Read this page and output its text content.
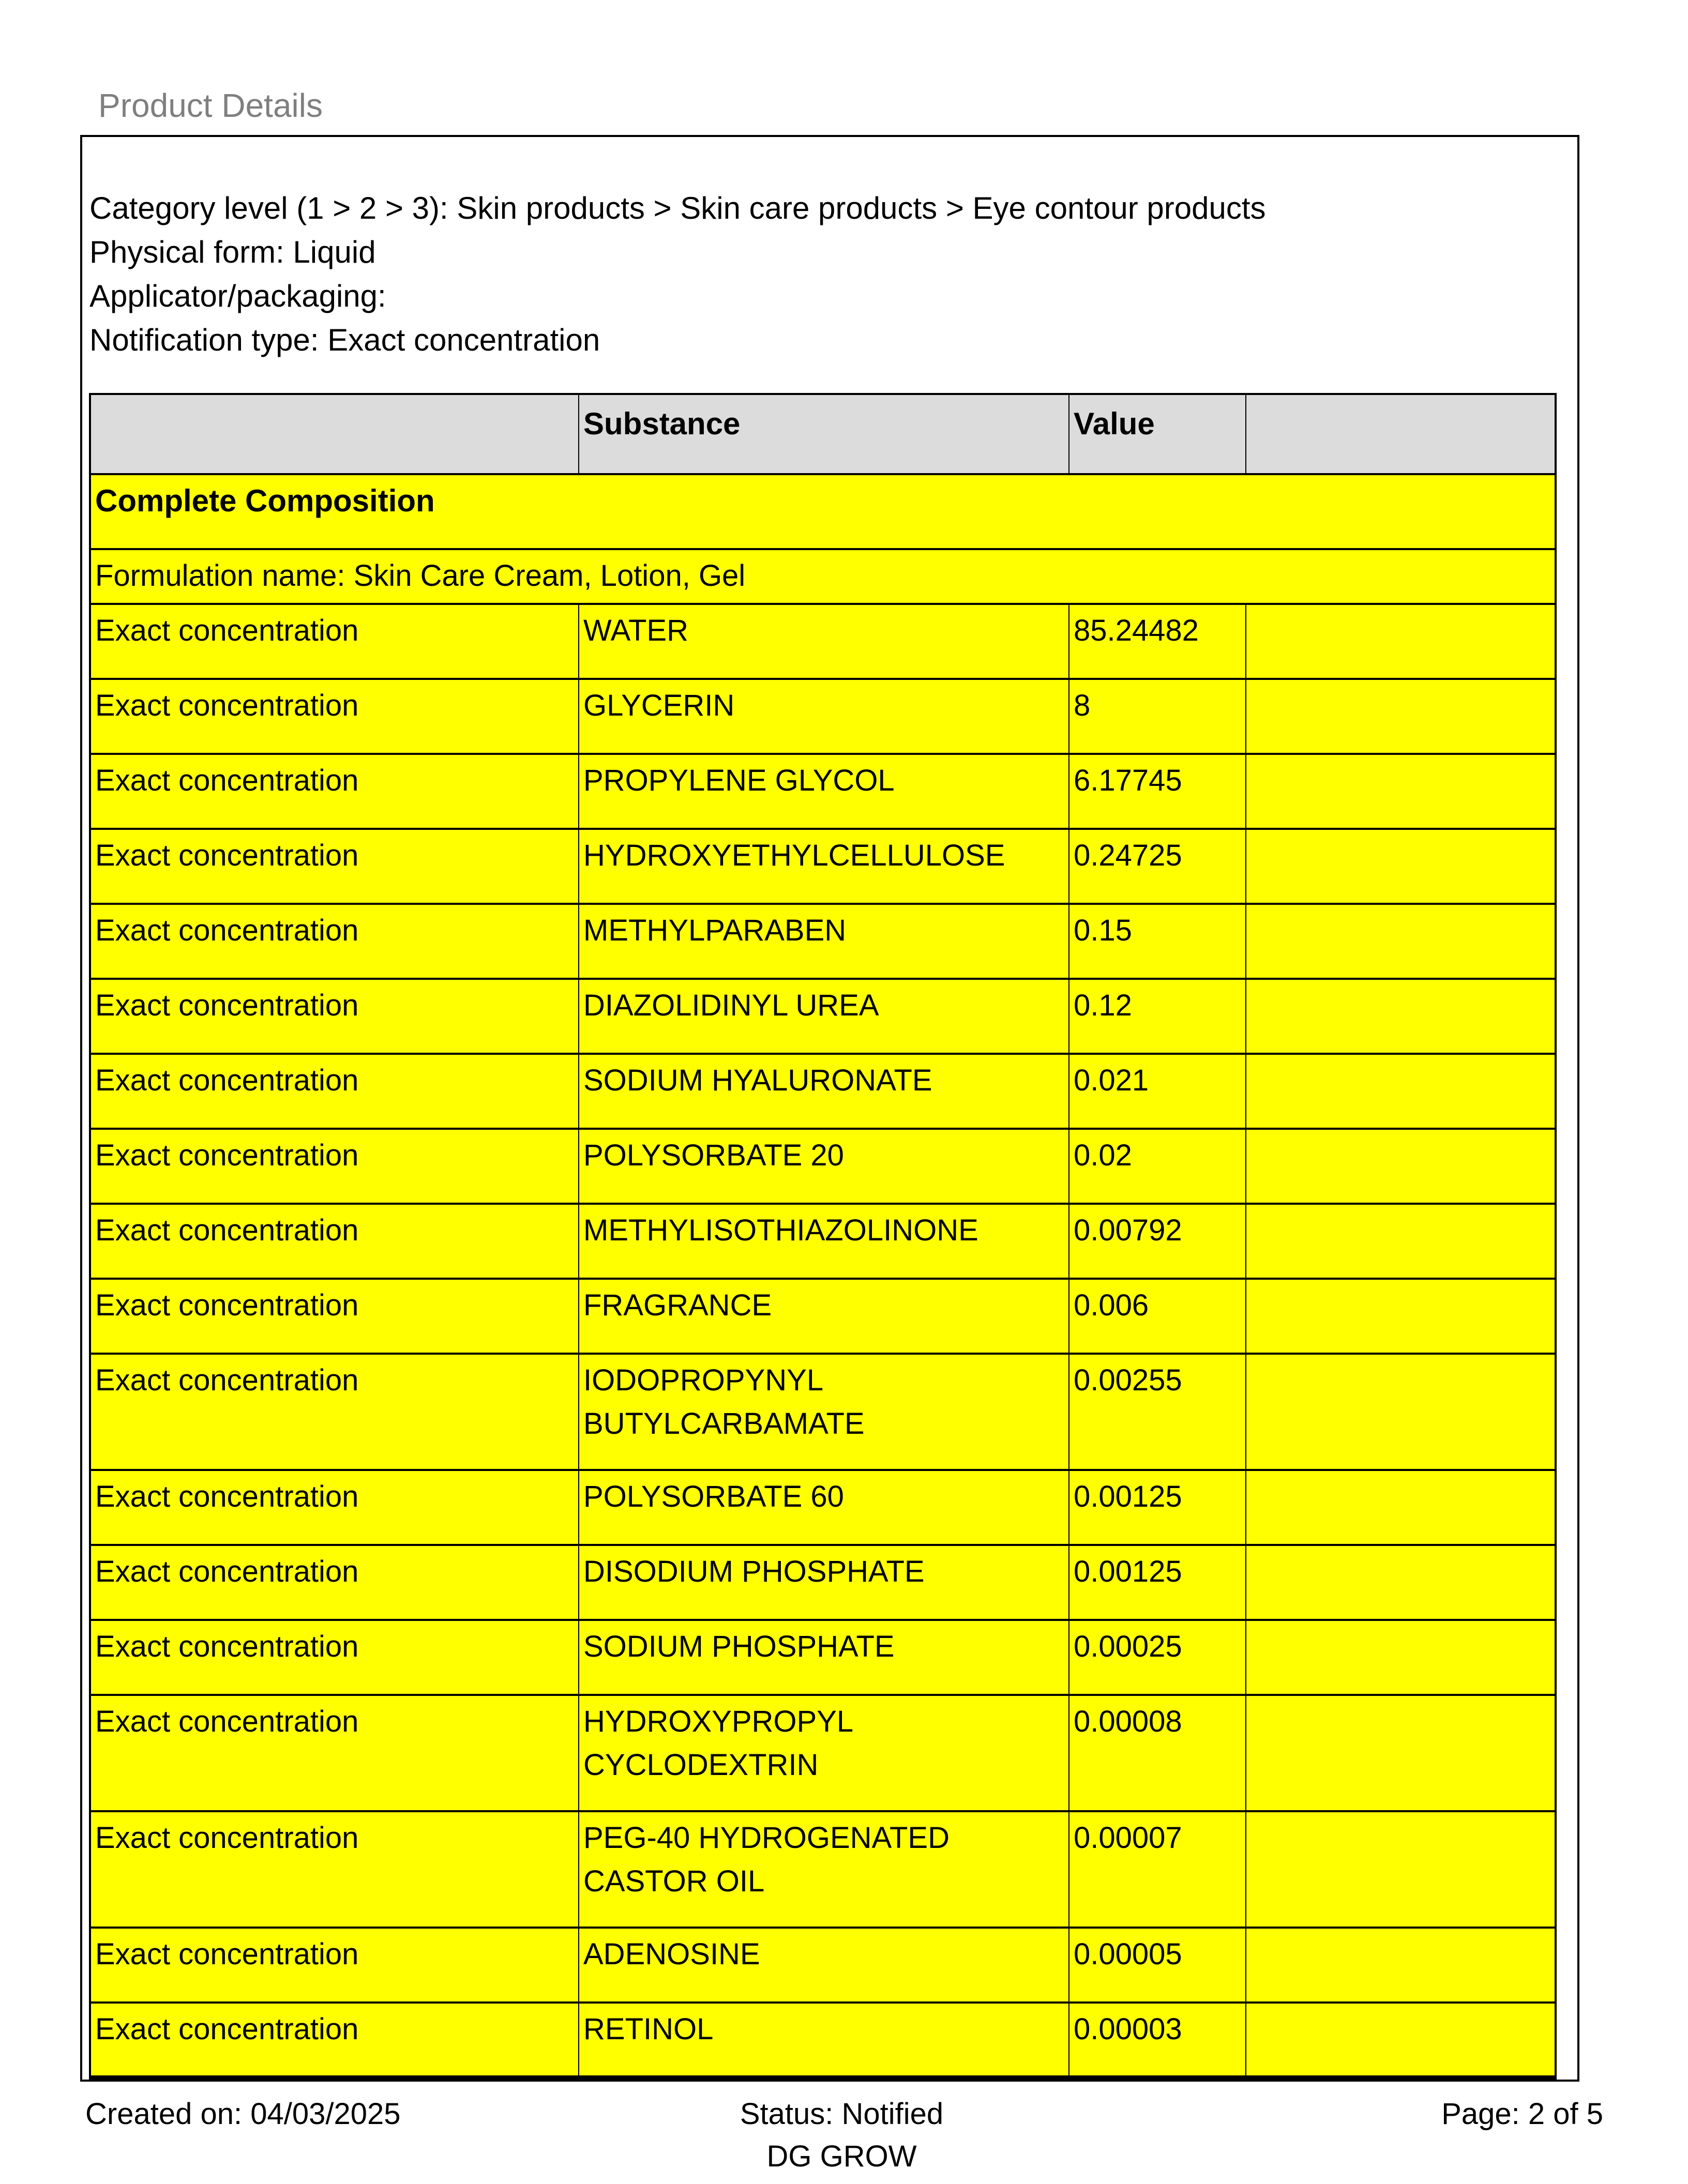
Product Details
Category level (1 > 2 > 3): Skin products > Skin care products > Eye contour products
Physical form: Liquid
Applicator/packaging:
Notification type: Exact concentration
	Substance	Value	
Complete Composition			
Formulation name: Skin Care Cream, Lotion, Gel			
Exact concentration	WATER	85.24482	
Exact concentration	GLYCERIN	8	
Exact concentration	PROPYLENE GLYCOL	6.17745	
Exact concentration	HYDROXYETHYLCELLULOSE	0.24725	
Exact concentration	METHYLPARABEN	0.15	
Exact concentration	DIAZOLIDINYL UREA	0.12	
Exact concentration	SODIUM HYALURONATE	0.021	
Exact concentration	POLYSORBATE 20	0.02	
Exact concentration	METHYLISOTHIAZOLINONE	0.00792	
Exact concentration	FRAGRANCE	0.006	
Exact concentration	IODOPROPYNYL BUTYLCARBAMATE	0.00255	
Exact concentration	POLYSORBATE 60	0.00125	
Exact concentration	DISODIUM PHOSPHATE	0.00125	
Exact concentration	SODIUM PHOSPHATE	0.00025	
Exact concentration	HYDROXYPROPYL CYCLODEXTRIN	0.00008	
Exact concentration	PEG-40 HYDROGENATED CASTOR OIL	0.00007	
Exact concentration	ADENOSINE	0.00005	
Exact concentration	RETINOL	0.00003	
Created on: 04/03/2025	Status: Notified	Page: 2 of 5
DG GROW
